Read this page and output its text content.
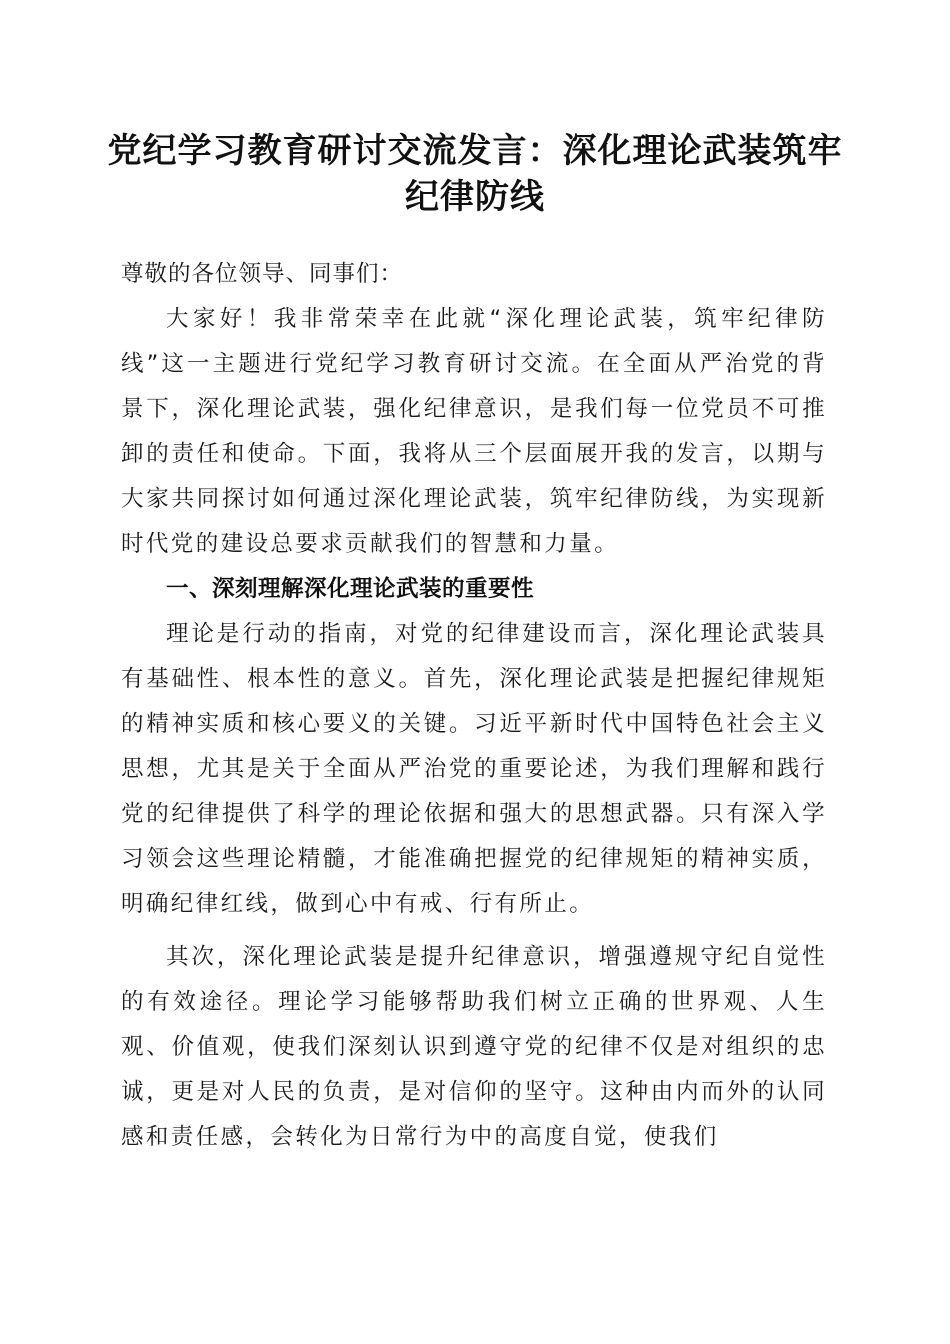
党纪学习教育研讨交流发言：深化理论武装筑牢纪律防线

尊敬的各位领导、同事们：

大家好！我非常荣幸在此就“深化理论武装，筑牢纪律防线”这一主题进行党纪学习教育研讨交流。在全面从严治党的背景下，深化理论武装，强化纪律意识，是我们每一位党员不可推卸的责任和使命。下面，我将从三个层面展开我的发言，以期与大家共同探讨如何通过深化理论武装，筑牢纪律防线，为实现新时代党的建设总要求贡献我们的智慧和力量。

一、深刻理解深化理论武装的重要性

理论是行动的指南，对党的纪律建设而言，深化理论武装具有基础性、根本性的意义。首先，深化理论武装是把握纪律规矩的精神实质和核心要义的关键。习近平新时代中国特色社会主义思想，尤其是关于全面从严治党的重要论述，为我们理解和践行党的纪律提供了科学的理论依据和强大的思想武器。只有深入学习领会这些理论精髓，才能准确把握党的纪律规矩的精神实质，明确纪律红线，做到心中有戒、行有所止。

其次，深化理论武装是提升纪律意识，增强遵规守纪自觉性的有效途径。理论学习能够帮助我们树立正确的世界观、人生观、价值观，使我们深刻认识到遵守党的纪律不仅是对组织的忠诚，更是对人民的负责，是对信仰的坚守。这种由内而外的认同感和责任感，会转化为日常行为中的高度自觉，使我们
